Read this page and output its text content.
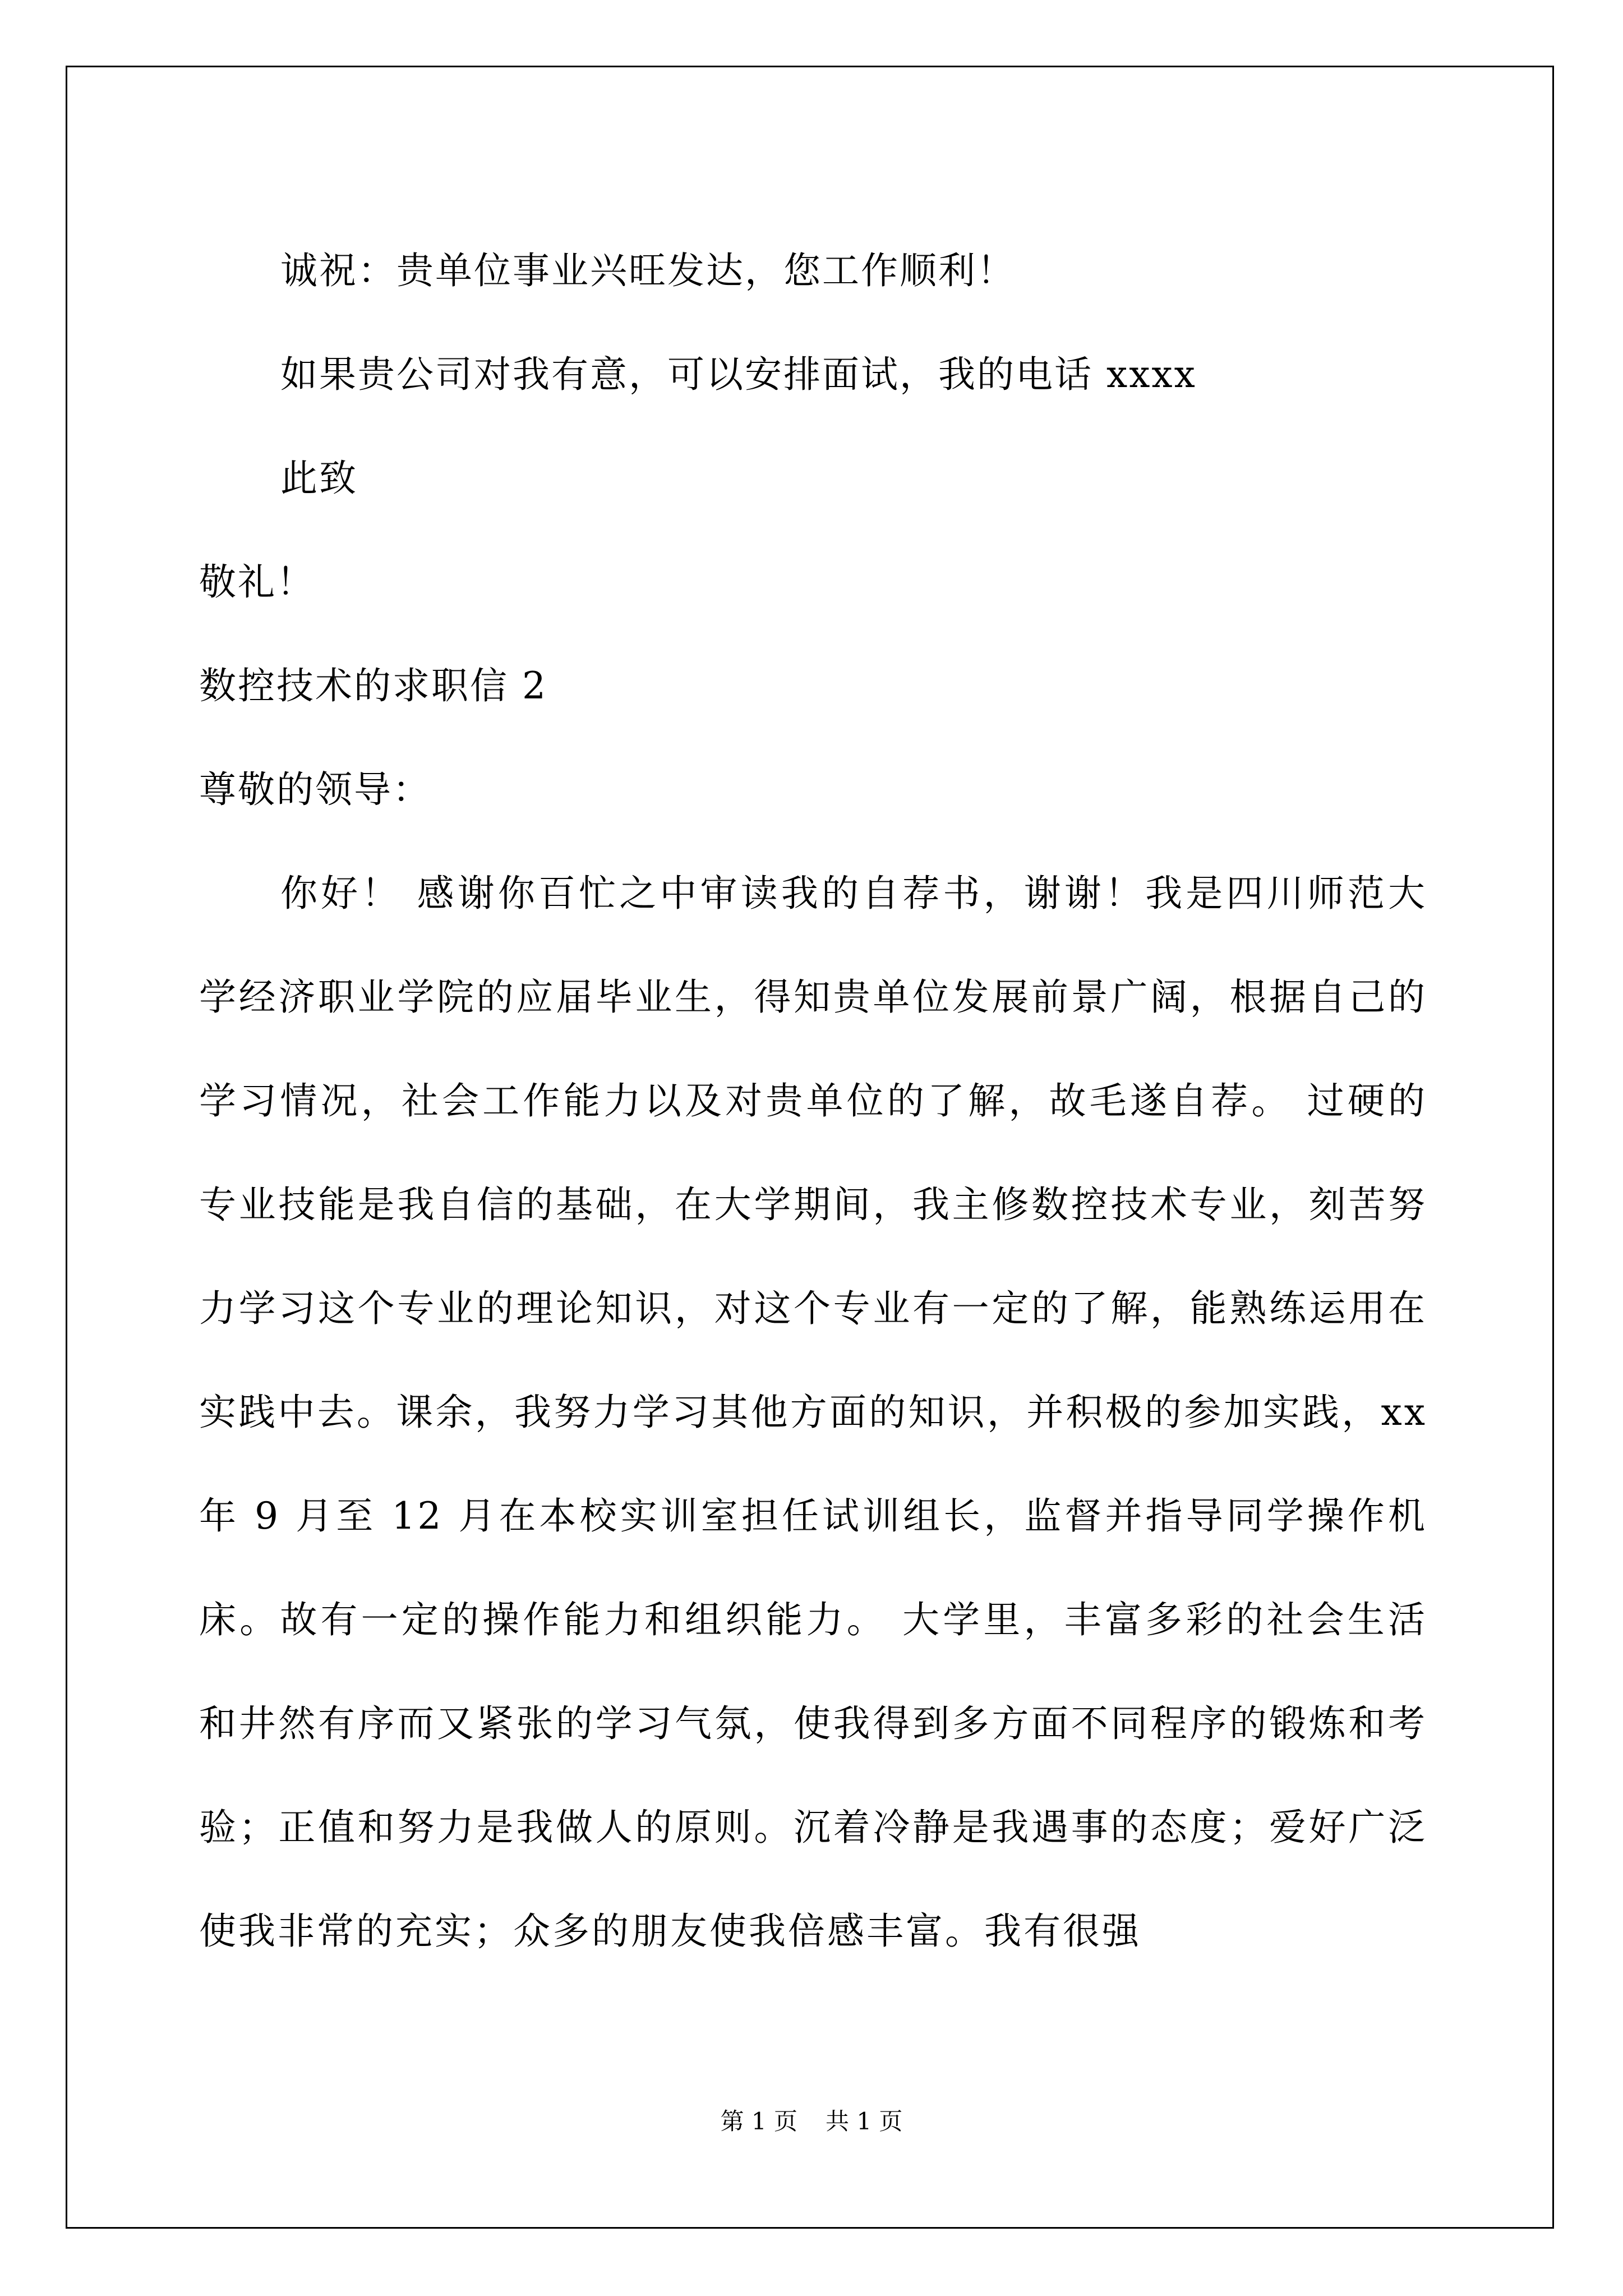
诚祝：贵单位事业兴旺发达，您工作顺利！

如果贵公司对我有意，可以安排面试，我的电话 xxxx

此致

敬礼！

数控技术的求职信 2

尊敬的领导：

你好！ 感谢你百忙之中审读我的自荐书，谢谢！我是四川师范大学经济职业学院的应届毕业生，得知贵单位发展前景广阔，根据自己的学习情况，社会工作能力以及对贵单位的了解，故毛遂自荐。 过硬的专业技能是我自信的基础，在大学期间，我主修数控技术专业，刻苦努力学习这个专业的理论知识，对这个专业有一定的了解，能熟练运用在实践中去。课余，我努力学习其他方面的知识，并积极的参加实践，xx 年 9 月至 12 月在本校实训室担任试训组长，监督并指导同学操作机床。故有一定的操作能力和组织能力。 大学里，丰富多彩的社会生活和井然有序而又紧张的学习气氛，使我得到多方面不同程序的锻炼和考验；正值和努力是我做人的原则。沉着冷静是我遇事的态度；爱好广泛使我非常的充实；众多的朋友使我倍感丰富。我有很强

第 1 页 共 1 页
